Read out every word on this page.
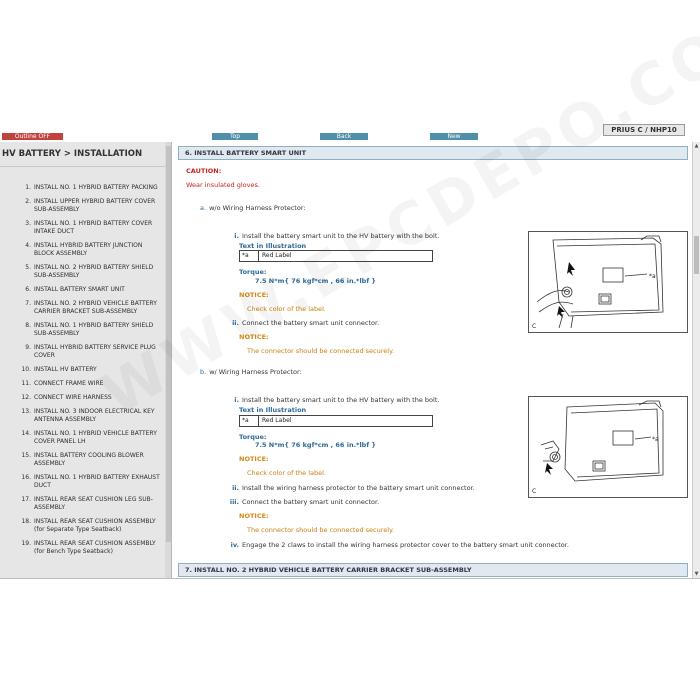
PRIUS C / NHP10
Outline OFF	Top	Back	New
HV BATTERY > INSTALLATION
1. INSTALL NO. 1 HYBRID BATTERY PACKING
2. INSTALL UPPER HYBRID BATTERY COVER SUB-ASSEMBLY
3. INSTALL NO. 1 HYBRID BATTERY COVER INTAKE DUCT
4. INSTALL HYBRID BATTERY JUNCTION BLOCK ASSEMBLY
5. INSTALL NO. 2 HYBRID BATTERY SHIELD SUB-ASSEMBLY
6. INSTALL BATTERY SMART UNIT
7. INSTALL NO. 2 HYBRID VEHICLE BATTERY CARRIER BRACKET SUB-ASSEMBLY
8. INSTALL NO. 1 HYBRID BATTERY SHIELD SUB-ASSEMBLY
9. INSTALL HYBRID BATTERY SERVICE PLUG COVER
10. INSTALL HV BATTERY
11. CONNECT FRAME WIRE
12. CONNECT WIRE HARNESS
13. INSTALL NO. 3 INDOOR ELECTRICAL KEY ANTENNA ASSEMBLY
14. INSTALL NO. 1 HYBRID VEHICLE BATTERY COVER PANEL LH
15. INSTALL BATTERY COOLING BLOWER ASSEMBLY
16. INSTALL NO. 1 HYBRID BATTERY EXHAUST DUCT
17. INSTALL REAR SEAT CUSHION LEG SUB-ASSEMBLY
18. INSTALL REAR SEAT CUSHION ASSEMBLY (for Separate Type Seatback)
19. INSTALL REAR SEAT CUSHION ASSEMBLY (for Bench Type Seatback)
6. INSTALL BATTERY SMART UNIT
CAUTION:
Wear insulated gloves.
a. w/o Wiring Harness Protector:
i. Install the battery smart unit to the HV battery with the bolt.
Text in Illustration
*a	Red Label
Torque:
7.5 N*m{ 76 kgf*cm , 66 in.*lbf }
NOTICE:
Check color of the label.
ii. Connect the battery smart unit connector.
NOTICE:
The connector should be connected securely.
b. w/ Wiring Harness Protector:
i. Install the battery smart unit to the HV battery with the bolt.
Text in Illustration
*a	Red Label
Torque:
7.5 N*m{ 76 kgf*cm , 66 in.*lbf }
NOTICE:
Check color of the label.
ii. Install the wiring harness protector to the battery smart unit connector.
iii. Connect the battery smart unit connector.
NOTICE:
The connector should be connected securely.
iv. Engage the 2 claws to install the wiring harness protector cover to the battery smart unit connector.
*a
C
*a
C
7. INSTALL NO. 2 HYBRID VEHICLE BATTERY CARRIER BRACKET SUB-ASSEMBLY
▲
▼
